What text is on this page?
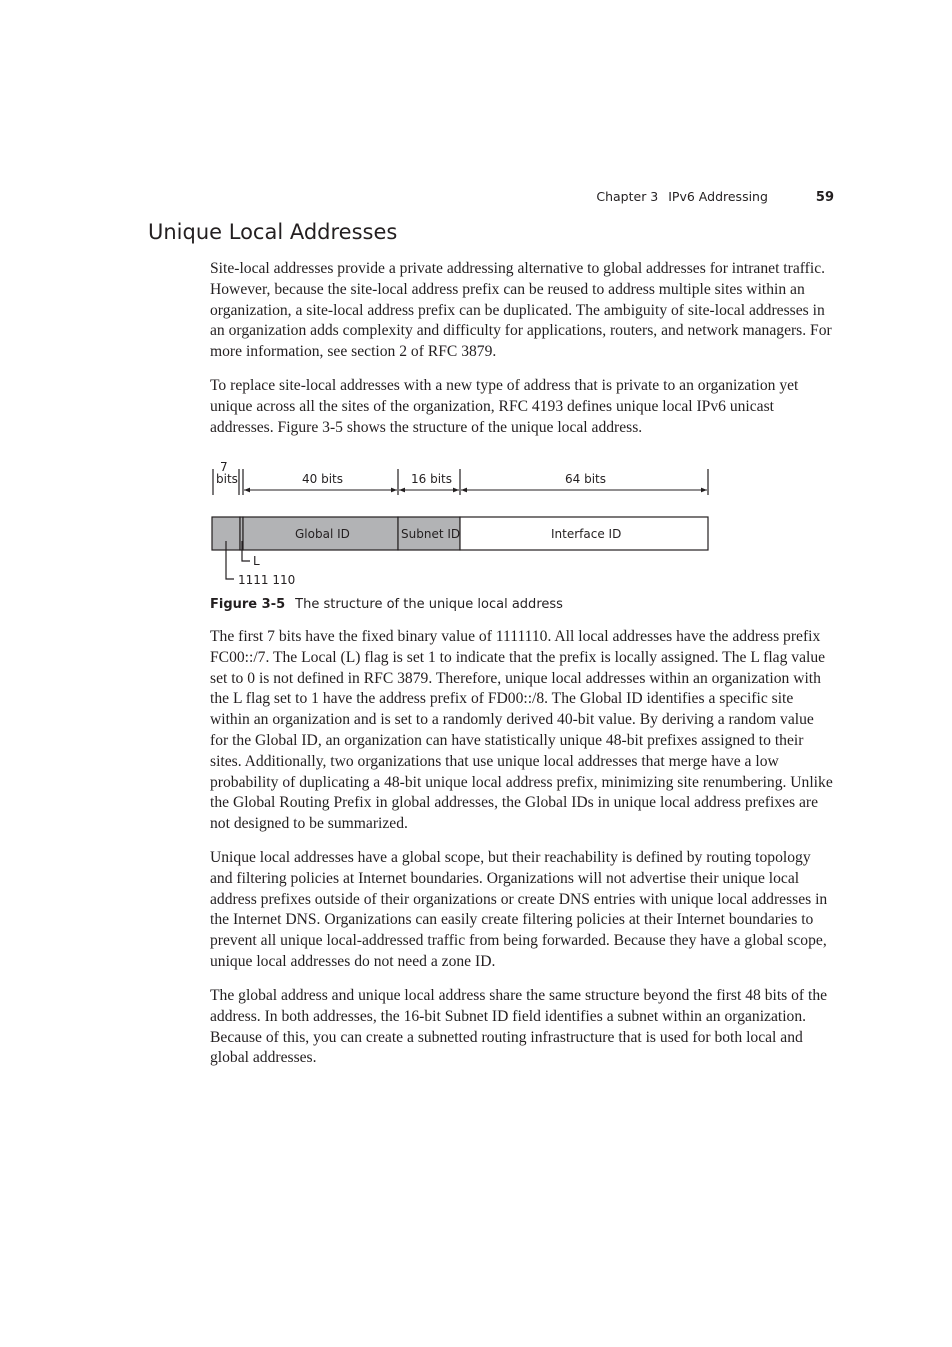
Chapter 3 IPv6 Addressing	59
Unique Local Addresses

Site-local addresses provide a private addressing alternative to global addresses for intranet traffic. However, because the site-local address prefix can be reused to address multiple sites within an organization, a site-local address prefix can be duplicated. The ambiguity of site-local addresses in an organization adds complexity and difficulty for applications, routers, and network managers. For more information, see section 2 of RFC 3879.

To replace site-local addresses with a new type of address that is private to an organization yet unique across all the sites of the organization, RFC 4193 defines unique local IPv6 unicast addresses. Figure 3-5 shows the structure of the unique local address.

7
bits	40 bits	16 bits	64 bits
Global ID	Subnet ID	Interface ID
L
1111 110
Figure 3-5 The structure of the unique local address

The first 7 bits have the fixed binary value of 1111110. All local addresses have the address prefix FC00::/7. The Local (L) flag is set 1 to indicate that the prefix is locally assigned. The L flag value set to 0 is not defined in RFC 3879. Therefore, unique local addresses within an organization with the L flag set to 1 have the address prefix of FD00::/8. The Global ID identifies a specific site within an organization and is set to a randomly derived 40-bit value. By deriving a random value for the Global ID, an organization can have statistically unique 48-bit prefixes assigned to their sites. Additionally, two organizations that use unique local addresses that merge have a low probability of duplicating a 48-bit unique local address prefix, minimizing site renumbering. Unlike the Global Routing Prefix in global addresses, the Global IDs in unique local address prefixes are not designed to be summarized.

Unique local addresses have a global scope, but their reachability is defined by routing topology and filtering policies at Internet boundaries. Organizations will not advertise their unique local address prefixes outside of their organizations or create DNS entries with unique local addresses in the Internet DNS. Organizations can easily create filtering policies at their Internet boundaries to prevent all unique local-addressed traffic from being forwarded. Because they have a global scope, unique local addresses do not need a zone ID.

The global address and unique local address share the same structure beyond the first 48 bits of the address. In both addresses, the 16-bit Subnet ID field identifies a subnet within an organization. Because of this, you can create a subnetted routing infrastructure that is used for both local and global addresses.
